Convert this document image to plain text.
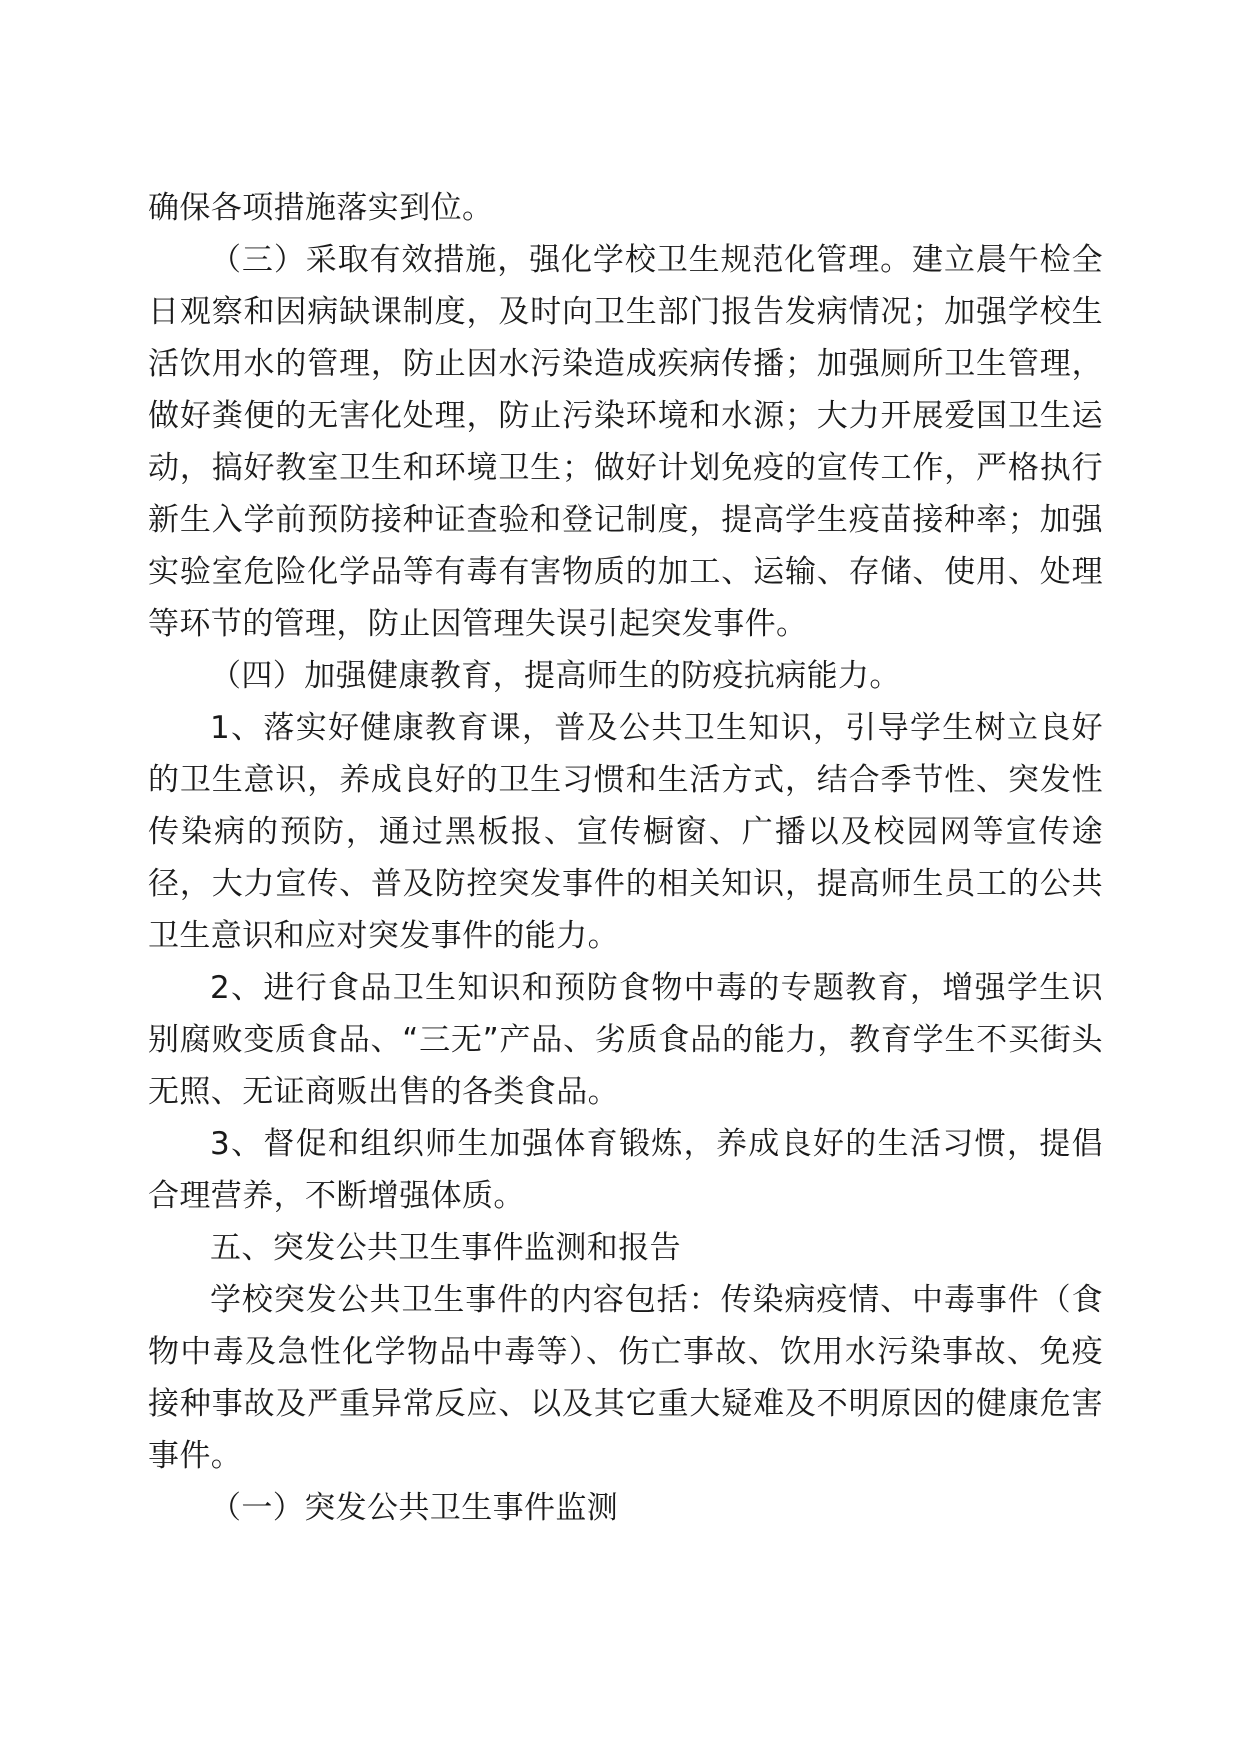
确保各项措施落实到位。

（三）采取有效措施，强化学校卫生规范化管理。建立晨午检全日观察和因病缺课制度，及时向卫生部门报告发病情况；加强学校生活饮用水的管理，防止因水污染造成疾病传播；加强厕所卫生管理，做好粪便的无害化处理，防止污染环境和水源；大力开展爱国卫生运动，搞好教室卫生和环境卫生；做好计划免疫的宣传工作，严格执行新生入学前预防接种证查验和登记制度，提高学生疫苗接种率；加强实验室危险化学品等有毒有害物质的加工、运输、存储、使用、处理等环节的管理，防止因管理失误引起突发事件。

（四）加强健康教育，提高师生的防疫抗病能力。

1、落实好健康教育课，普及公共卫生知识，引导学生树立良好的卫生意识，养成良好的卫生习惯和生活方式，结合季节性、突发性传染病的预防，通过黑板报、宣传橱窗、广播以及校园网等宣传途径，大力宣传、普及防控突发事件的相关知识，提高师生员工的公共卫生意识和应对突发事件的能力。

2、进行食品卫生知识和预防食物中毒的专题教育，增强学生识别腐败变质食品、“三无”产品、劣质食品的能力，教育学生不买街头无照、无证商贩出售的各类食品。

3、督促和组织师生加强体育锻炼，养成良好的生活习惯，提倡合理营养，不断增强体质。

五、突发公共卫生事件监测和报告

学校突发公共卫生事件的内容包括：传染病疫情、中毒事件（食物中毒及急性化学物品中毒等）、伤亡事故、饮用水污染事故、免疫接种事故及严重异常反应、以及其它重大疑难及不明原因的健康危害事件。

（一）突发公共卫生事件监测
